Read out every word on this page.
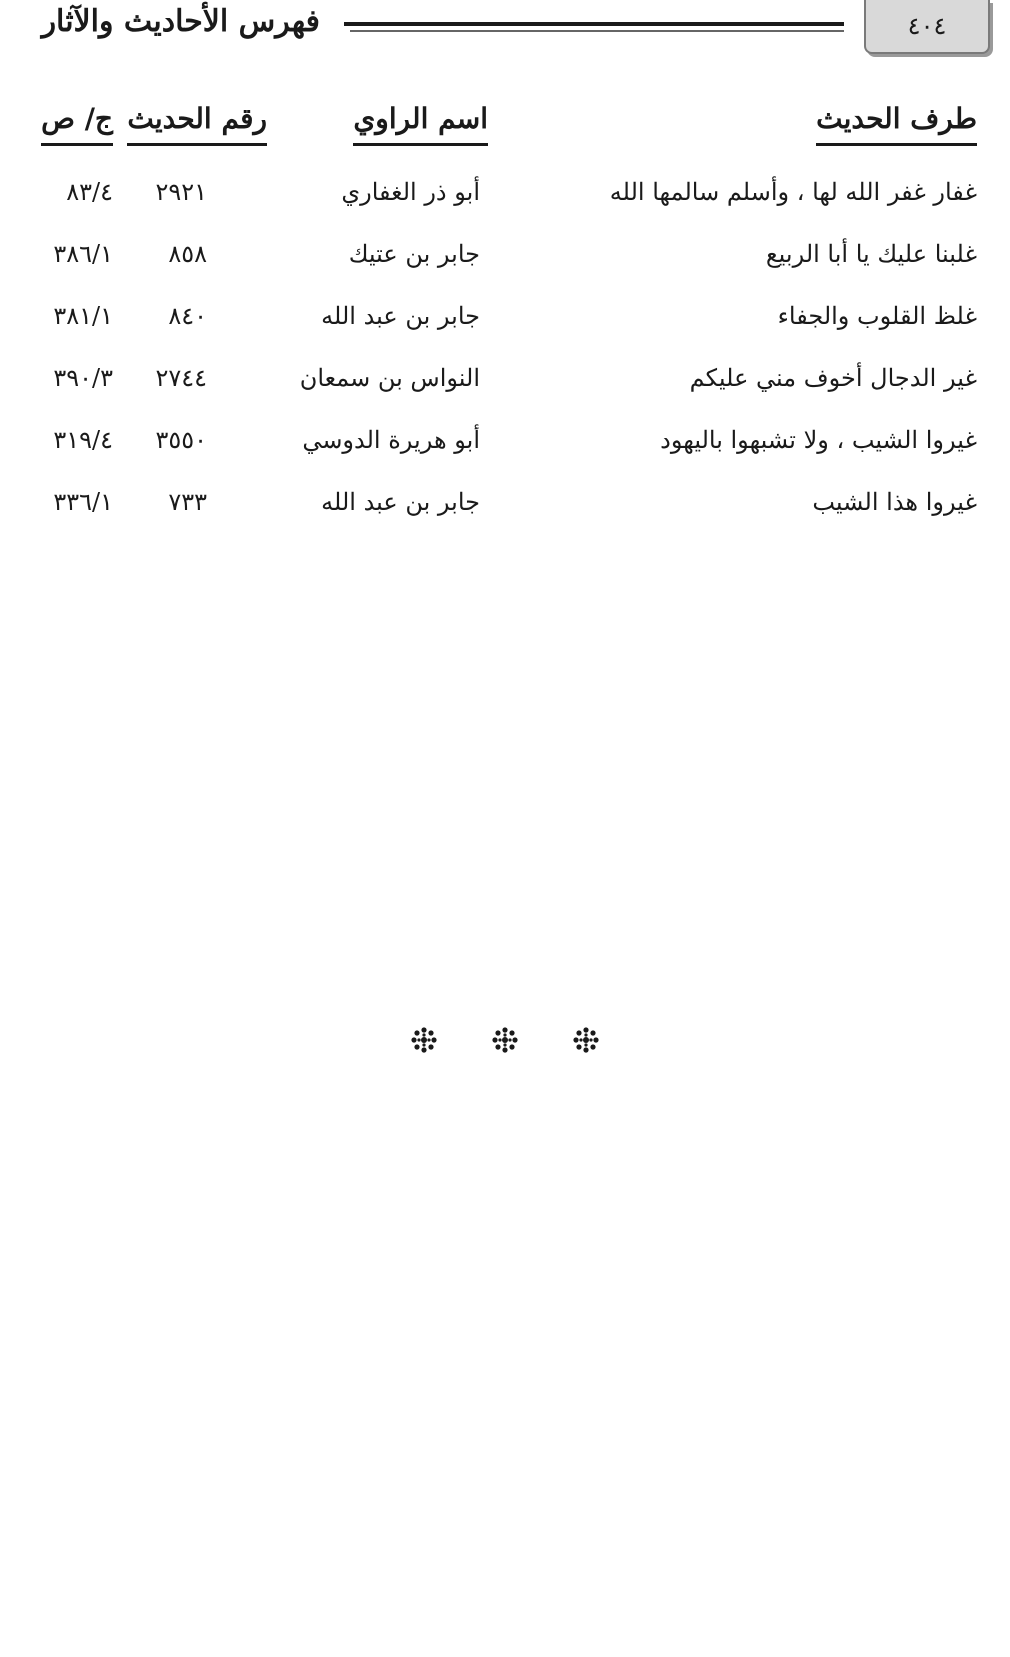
٤٠٤
فهرس الأحاديث والآثار
طرف الحديث
اسم الراوي
رقم الحديث
ج/ ص
غفار غفر الله لها ، وأسلم سالمها الله
أبو ذر الغفاري
٢٩٢١
٨٣/٤
غلبنا عليك يا أبا الربيع
جابر بن عتيك
٨٥٨
٣٨٦/١
غلظ القلوب والجفاء
جابر بن عبد الله
٨٤٠
٣٨١/١
غير الدجال أخوف مني عليكم
النواس بن سمعان
٢٧٤٤
٣٩٠/٣
غيروا الشيب ، ولا تشبهوا باليهود
أبو هريرة الدوسي
٣٥٥٠
٣١٩/٤
غيروا هذا الشيب
جابر بن عبد الله
٧٣٣
٣٣٦/١
